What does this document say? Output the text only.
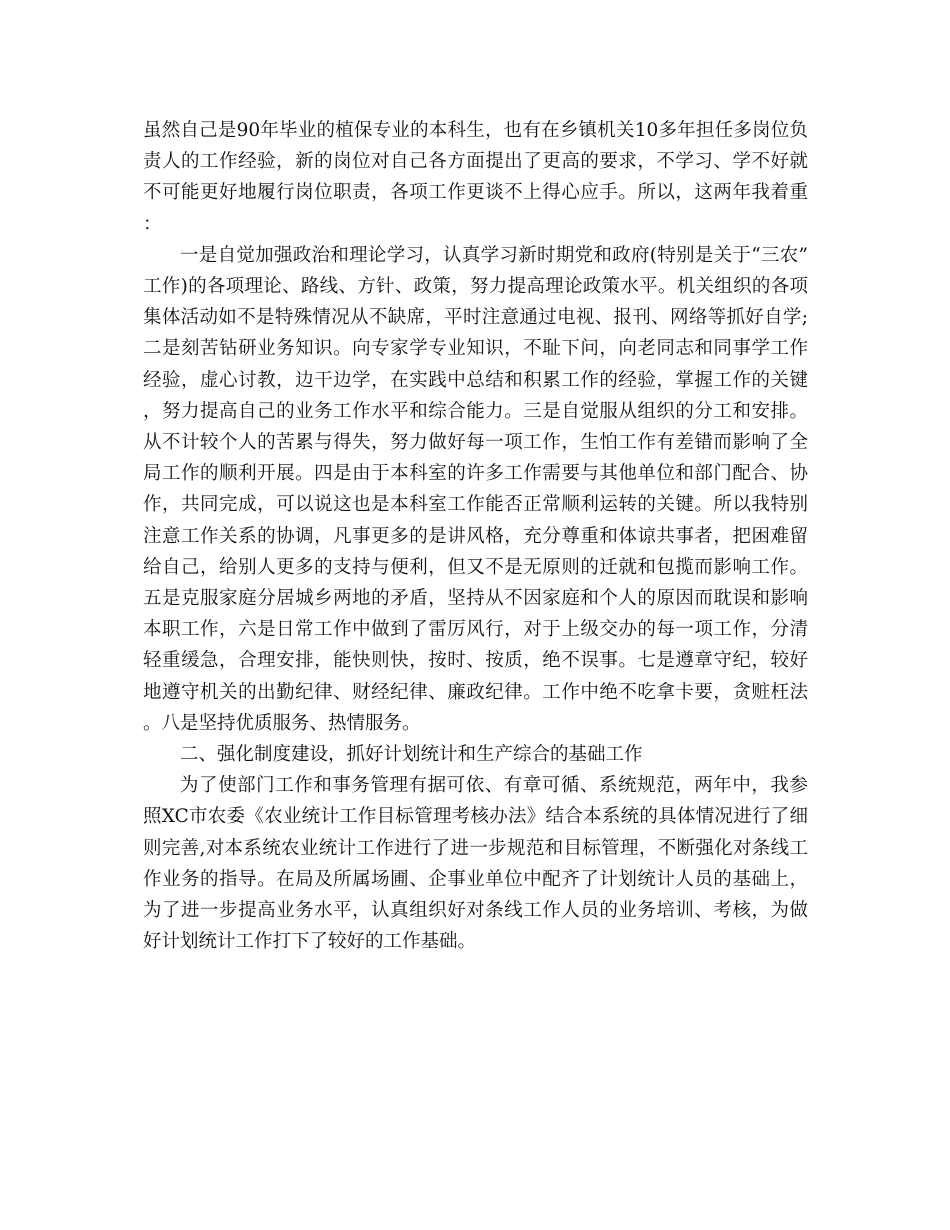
虽然自己是90年毕业的植保专业的本科生，也有在乡镇机关10多年担任多岗位负责人的工作经验，新的岗位对自己各方面提出了更高的要求，不学习、学不好就不可能更好地履行岗位职责，各项工作更谈不上得心应手。所以，这两年我着重：

一是自觉加强政治和理论学习，认真学习新时期党和政府(特别是关于“三农”工作)的各项理论、路线、方针、政策，努力提高理论政策水平。机关组织的各项集体活动如不是特殊情况从不缺席，平时注意通过电视、报刊、网络等抓好自学;二是刻苦钻研业务知识。向专家学专业知识，不耻下问，向老同志和同事学工作经验，虚心讨教，边干边学，在实践中总结和积累工作的经验，掌握工作的关键，努力提高自己的业务工作水平和综合能力。三是自觉服从组织的分工和安排。从不计较个人的苦累与得失，努力做好每一项工作，生怕工作有差错而影响了全局工作的顺利开展。四是由于本科室的许多工作需要与其他单位和部门配合、协作，共同完成，可以说这也是本科室工作能否正常顺利运转的关键。所以我特别注意工作关系的协调，凡事更多的是讲风格，充分尊重和体谅共事者，把困难留给自己，给别人更多的支持与便利，但又不是无原则的迁就和包揽而影响工作。五是克服家庭分居城乡两地的矛盾，坚持从不因家庭和个人的原因而耽误和影响本职工作，六是日常工作中做到了雷厉风行，对于上级交办的每一项工作，分清轻重缓急，合理安排，能快则快，按时、按质，绝不误事。七是遵章守纪，较好地遵守机关的出勤纪律、财经纪律、廉政纪律。工作中绝不吃拿卡要，贪赃枉法。八是坚持优质服务、热情服务。

二、强化制度建设，抓好计划统计和生产综合的基础工作

为了使部门工作和事务管理有据可依、有章可循、系统规范，两年中，我参照XC市农委《农业统计工作目标管理考核办法》结合本系统的具体情况进行了细则完善,对本系统农业统计工作进行了进一步规范和目标管理，不断强化对条线工作业务的指导。在局及所属场圃、企事业单位中配齐了计划统计人员的基础上，为了进一步提高业务水平，认真组织好对条线工作人员的业务培训、考核，为做好计划统计工作打下了较好的工作基础。
